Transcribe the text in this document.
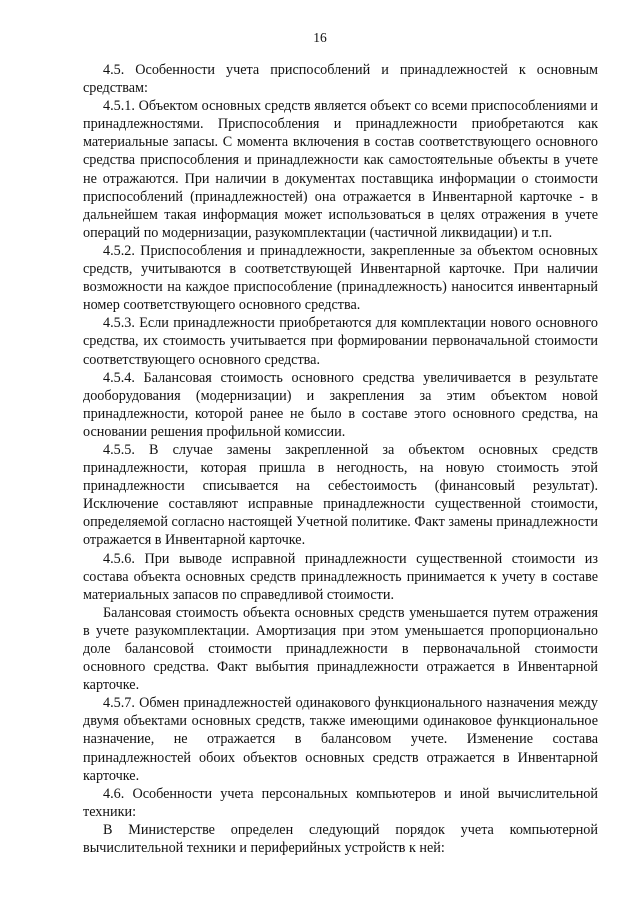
16

4.5. Особенности учета приспособлений и принадлежностей к основным средствам:

4.5.1. Объектом основных средств является объект со всеми приспособлениями и принадлежностями. Приспособления и принадлежности приобретаются как материальные запасы. С момента включения в состав соответствующего основного средства приспособления и принадлежности как самостоятельные объекты в учете не отражаются. При наличии в документах поставщика информации о стоимости приспособлений (принадлежностей) она отражается в Инвентарной карточке - в дальнейшем такая информация может использоваться в целях отражения в учете операций по модернизации, разукомплектации (частичной ликвидации) и т.п.

4.5.2. Приспособления и принадлежности, закрепленные за объектом основных средств, учитываются в соответствующей Инвентарной карточке. При наличии возможности на каждое приспособление (принадлежность) наносится инвентарный номер соответствующего основного средства.

4.5.3. Если принадлежности приобретаются для комплектации нового основного средства, их стоимость учитывается при формировании первоначальной стоимости соответствующего основного средства.

4.5.4. Балансовая стоимость основного средства увеличивается в результате дооборудования (модернизации) и закрепления за этим объектом новой принадлежности, которой ранее не было в составе этого основного средства, на основании решения профильной комиссии.

4.5.5. В случае замены закрепленной за объектом основных средств принадлежности, которая пришла в негодность, на новую стоимость этой принадлежности списывается на себестоимость (финансовый результат). Исключение составляют исправные принадлежности существенной стоимости, определяемой согласно настоящей Учетной политике. Факт замены принадлежности отражается в Инвентарной карточке.

4.5.6. При выводе исправной принадлежности существенной стоимости из состава объекта основных средств принадлежность принимается к учету в составе материальных запасов по справедливой стоимости.

Балансовая стоимость объекта основных средств уменьшается путем отражения в учете разукомплектации. Амортизация при этом уменьшается пропорционально доле балансовой стоимости принадлежности в первоначальной стоимости основного средства. Факт выбытия принадлежности отражается в Инвентарной карточке.

4.5.7. Обмен принадлежностей одинакового функционального назначения между двумя объектами основных средств, также имеющими одинаковое функциональное назначение, не отражается в балансовом учете. Изменение состава принадлежностей обоих объектов основных средств отражается в Инвентарной карточке.

4.6. Особенности учета персональных компьютеров и иной вычислительной техники:

В Министерстве определен следующий порядок учета компьютерной вычислительной техники и периферийных устройств к ней:
